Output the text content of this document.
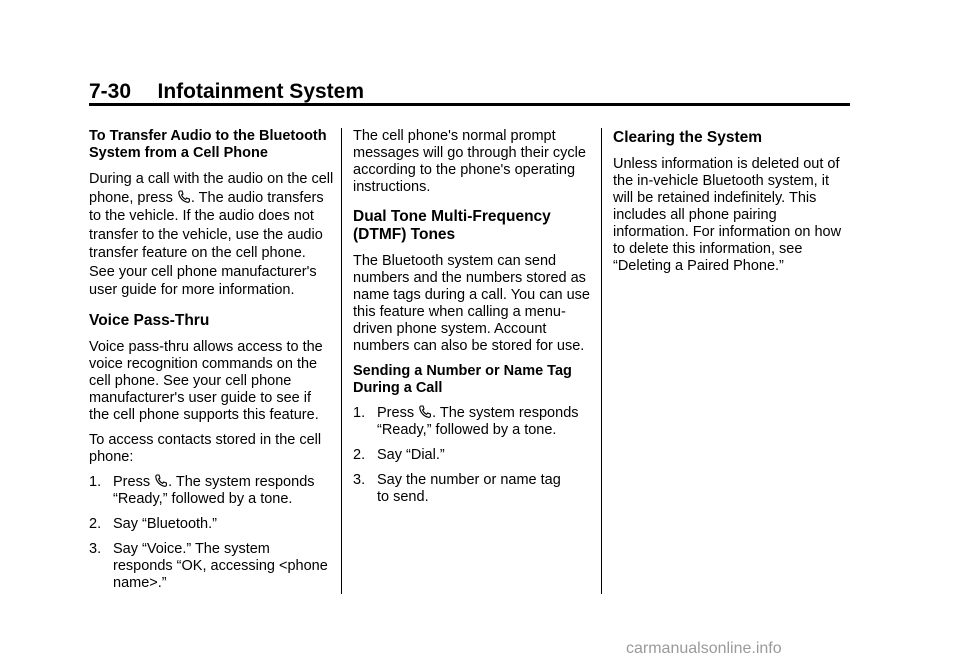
7-30 Infotainment System

To Transfer Audio to the Bluetooth System from a Cell Phone

During a call with the audio on the cell phone, press
. The audio transfers to the vehicle. If the audio does not transfer to the vehicle, use the audio transfer feature on the cell phone. See your cell phone manufacturer's user guide for more information.

Voice Pass-Thru

Voice pass-thru allows access to the voice recognition commands on the cell phone. See your cell phone manufacturer's user guide to see if the cell phone supports this feature.

To access contacts stored in the cell phone:

1. Press
. The system responds
“Ready,” followed by a tone.
2. Say “Bluetooth.”
3. Say “Voice.” The system
responds “OK, accessing <phone name>.”

The cell phone's normal prompt messages will go through their cycle according to the phone's operating instructions.

Dual Tone Multi-Frequency (DTMF) Tones

The Bluetooth system can send numbers and the numbers stored as name tags during a call. You can use this feature when calling a menu-driven phone system. Account numbers can also be stored for use.

Sending a Number or Name Tag During a Call

1. Press
. The system responds
“Ready,” followed by a tone.
2. Say “Dial.”
3. Say the number or name tag
to send.
Clearing the System

Unless information is deleted out of the in-vehicle Bluetooth system, it will be retained indefinitely. This includes all phone pairing information. For information on how to delete this information, see “Deleting a Paired Phone.”

carmanualsonline.info
